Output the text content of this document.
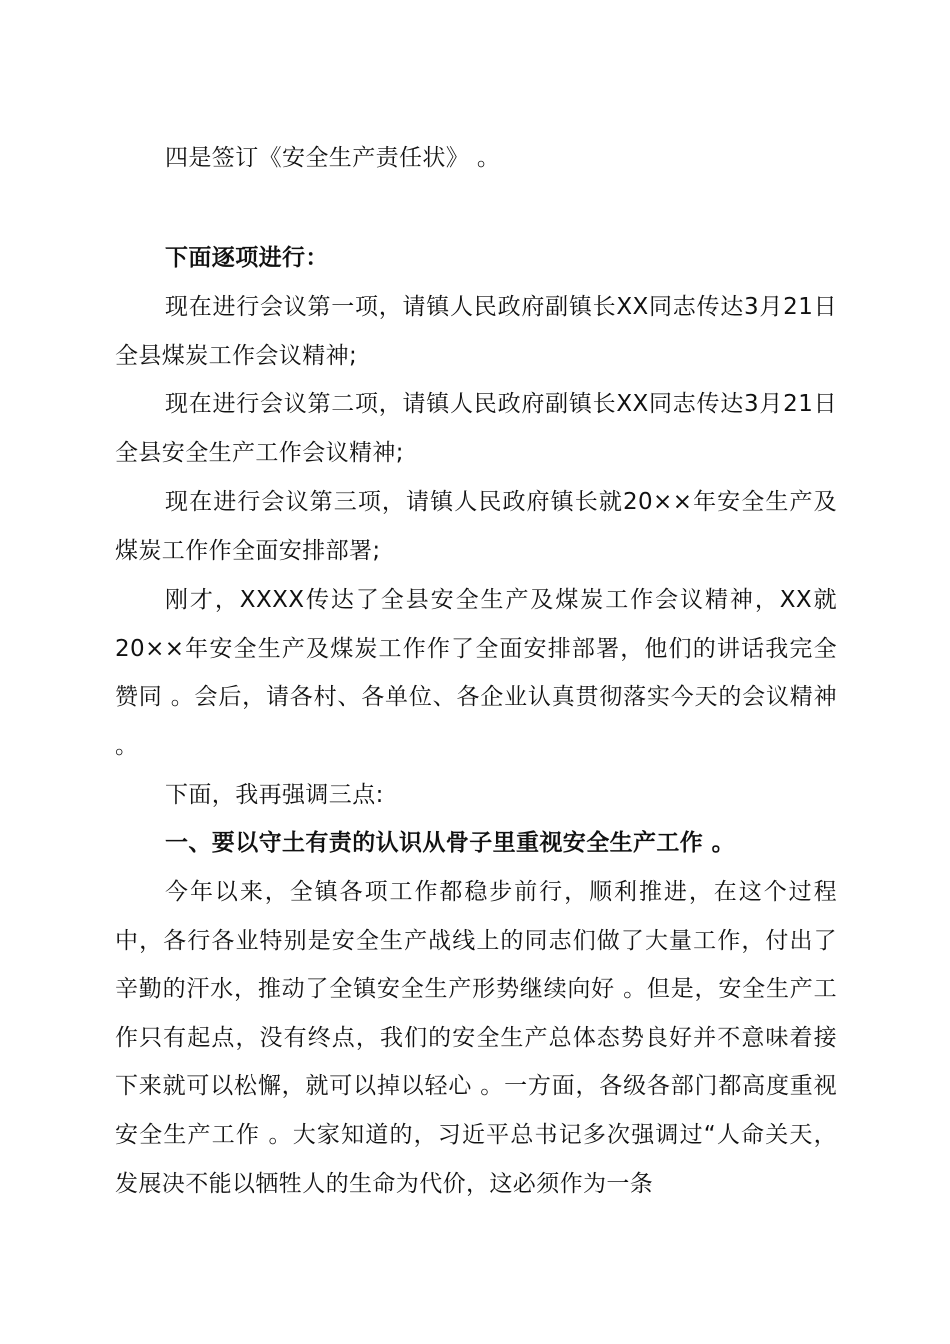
四是签订《安全生产责任状》 。

下面逐项进行：

现在进行会议第一项，请镇人民政府副镇长XX同志传达3月21日全县煤炭工作会议精神;

现在进行会议第二项，请镇人民政府副镇长XX同志传达3月21日全县安全生产工作会议精神;

现在进行会议第三项，请镇人民政府镇长就20××年安全生产及煤炭工作作全面安排部署;

刚才，XXXX传达了全县安全生产及煤炭工作会议精神，XX就20××年安全生产及煤炭工作作了全面安排部署，他们的讲话我完全赞同 。会后，请各村、各单位、各企业认真贯彻落实今天的会议精神 。

下面，我再强调三点:

一、要以守土有责的认识从骨子里重视安全生产工作 。

今年以来，全镇各项工作都稳步前行，顺利推进，在这个过程中，各行各业特别是安全生产战线上的同志们做了大量工作，付出了辛勤的汗水，推动了全镇安全生产形势继续向好 。但是，安全生产工作只有起点，没有终点，我们的安全生产总体态势良好并不意味着接下来就可以松懈，就可以掉以轻心 。一方面，各级各部门都高度重视安全生产工作 。大家知道的，习近平总书记多次强调过“人命关天，发展决不能以牺牲人的生命为代价，这必须作为一条
